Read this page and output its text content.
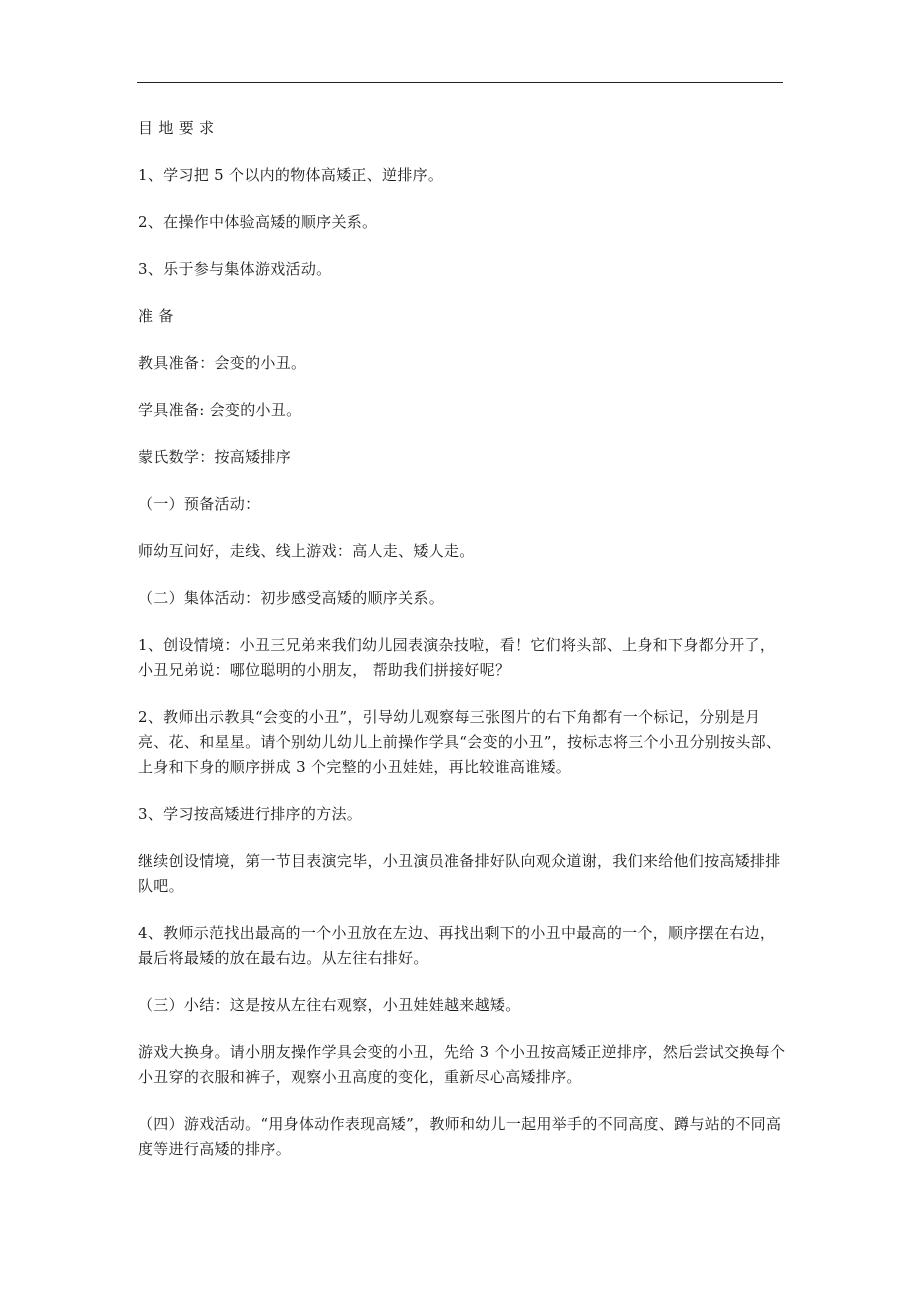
目 地 要 求

1、学习把 5 个以内的物体高矮正、逆排序。

2、在操作中体验高矮的顺序关系。

3、乐于参与集体游戏活动。

准 备

教具准备：会变的小丑。

学具准备: 会变的小丑。

蒙氏数学：按高矮排序

（一）预备活动：

师幼互问好，走线、线上游戏：高人走、矮人走。

（二）集体活动：初步感受高矮的顺序关系。

1、创设情境：小丑三兄弟来我们幼儿园表演杂技啦，看！它们将头部、上身和下身都分开了，小丑兄弟说：哪位聪明的小朋友， 帮助我们拼接好呢？

2、教师出示教具“会变的小丑”，引导幼儿观察每三张图片的右下角都有一个标记，分别是月亮、花、和星星。请个别幼儿幼儿上前操作学具“会变的小丑”，按标志将三个小丑分别按头部、上身和下身的顺序拼成 3 个完整的小丑娃娃，再比较谁高谁矮。

3、学习按高矮进行排序的方法。

继续创设情境，第一节目表演完毕，小丑演员准备排好队向观众道谢，我们来给他们按高矮排排队吧。

4、教师示范找出最高的一个小丑放在左边、再找出剩下的小丑中最高的一个，顺序摆在右边，最后将最矮的放在最右边。从左往右排好。

（三）小结：这是按从左往右观察，小丑娃娃越来越矮。

游戏大换身。请小朋友操作学具会变的小丑，先给 3 个小丑按高矮正逆排序，然后尝试交换每个小丑穿的衣服和裤子，观察小丑高度的变化，重新尽心高矮排序。

（四）游戏活动。“用身体动作表现高矮”，教师和幼儿一起用举手的不同高度、蹲与站的不同高度等进行高矮的排序。
